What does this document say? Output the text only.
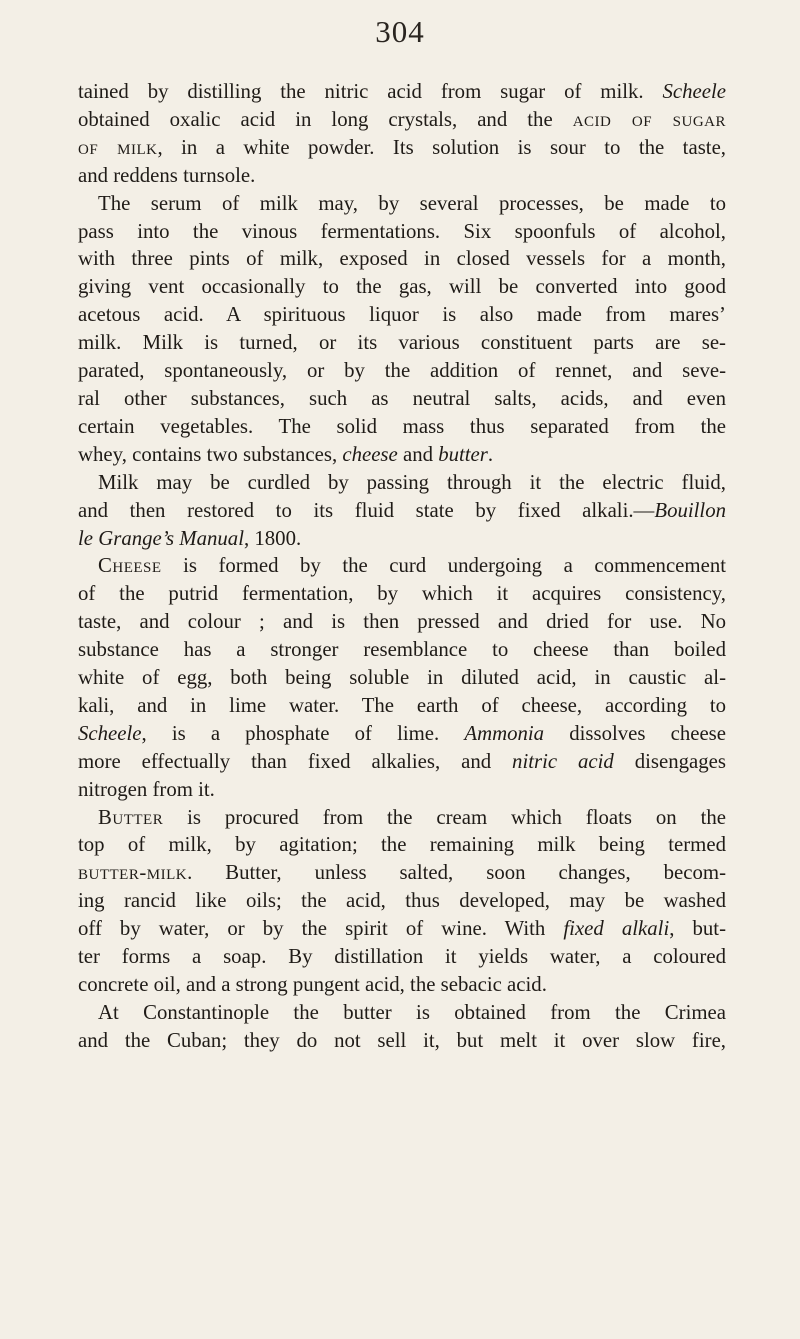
304

tained by distilling the nitric acid from sugar of milk. Scheele

obtained oxalic acid in long crystals, and the acid of sugar

of milk, in a white powder. Its solution is sour to the taste,

and reddens turnsole.

The serum of milk may, by several processes, be made to

pass into the vinous fermentations. Six spoonfuls of alcohol,

with three pints of milk, exposed in closed vessels for a month,

giving vent occasionally to the gas, will be converted into good

acetous acid. A spirituous liquor is also made from mares’

milk. Milk is turned, or its various constituent parts are se-

parated, spontaneously, or by the addition of rennet, and seve-

ral other substances, such as neutral salts, acids, and even

certain vegetables. The solid mass thus separated from the

whey, contains two substances, cheese and butter.

Milk may be curdled by passing through it the electric fluid,

and then restored to its fluid state by fixed alkali.—Bouillon

le Grange’s Manual, 1800.

Cheese is formed by the curd undergoing a commencement

of the putrid fermentation, by which it acquires consistency,

taste, and colour ; and is then pressed and dried for use. No

substance has a stronger resemblance to cheese than boiled

white of egg, both being soluble in diluted acid, in caustic al-

kali, and in lime water. The earth of cheese, according to

Scheele, is a phosphate of lime. Ammonia dissolves cheese

more effectually than fixed alkalies, and nitric acid disengages

nitrogen from it.

Butter is procured from the cream which floats on the

top of milk, by agitation; the remaining milk being termed

butter-milk. Butter, unless salted, soon changes, becom-

ing rancid like oils; the acid, thus developed, may be washed

off by water, or by the spirit of wine. With fixed alkali, but-

ter forms a soap. By distillation it yields water, a coloured

concrete oil, and a strong pungent acid, the sebacic acid.

At Constantinople the butter is obtained from the Crimea

and the Cuban; they do not sell it, but melt it over slow fire,
